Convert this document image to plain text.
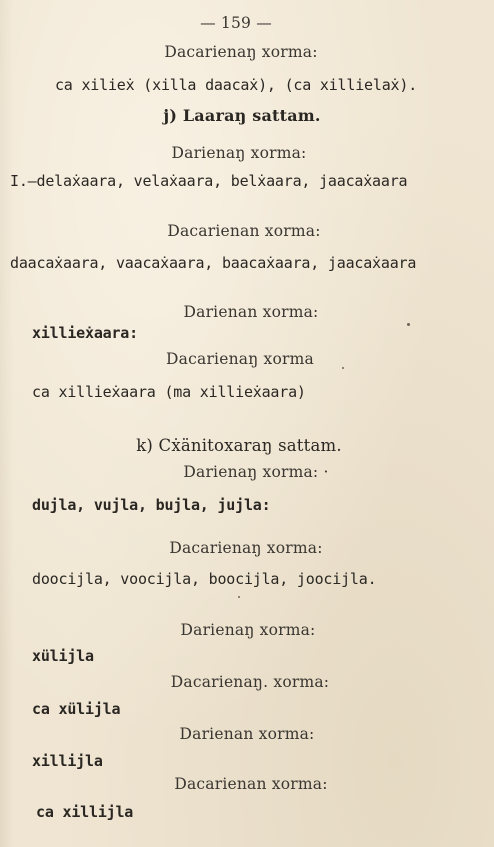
— 159 —
Dacarienaŋ xorma:
ca xilieẋ (xilla daacaẋ), (ca xillielaẋ).
j) Laaraŋ sattam.
Darienaŋ xorma:
I.—delaẋaara, velaẋaara, belẋaara, jaacaẋaara
Dacarienan xorma:
daacaẋaara, vaacaẋaara, baacaẋaara, jaacaẋaara
Darienan xorma:
xillieẋaara:
Dacarienaŋ xorma
ca xillieẋaara (ma xillieẋaara)
k) Cẋänitoxaraŋ sattam.
Darienaŋ xorma: ·
dujla, vujla, bujla, jujla:
Dacarienaŋ xorma:
doocijla, voocijla, boocijla, joocijla.
Darienaŋ xorma:
xülijla
Dacarienaŋ. xorma:
ca xülijla
Darienan xorma:
xillijla
Dacarienan xorma:
ca xillijla
